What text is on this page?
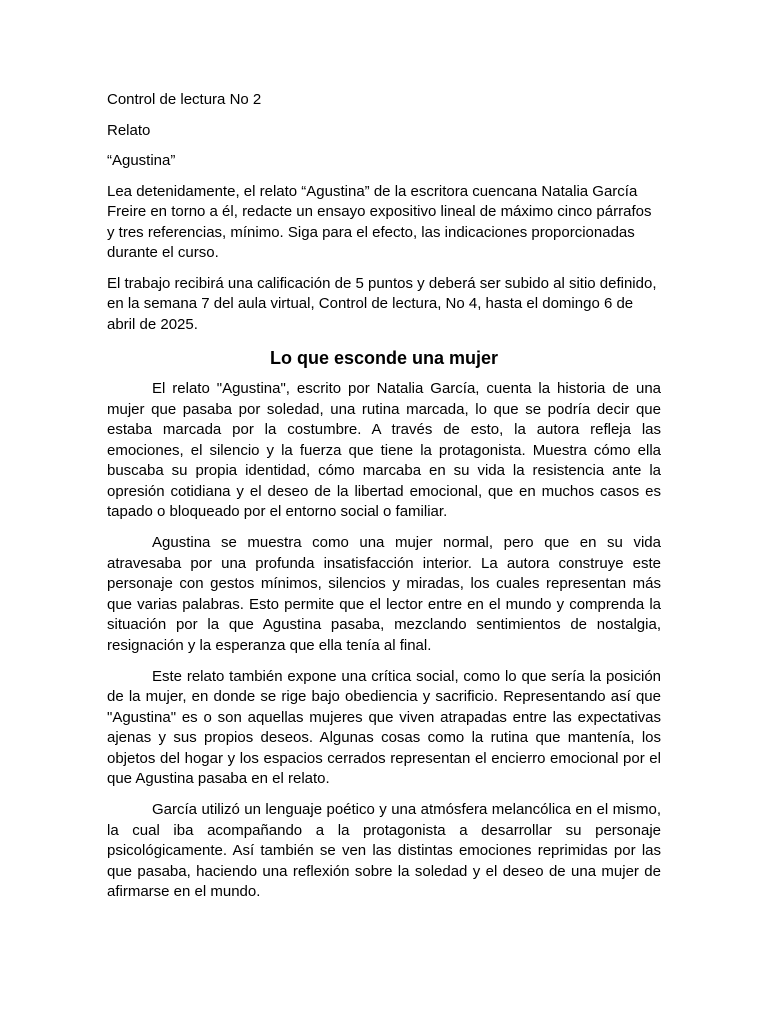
Control de lectura No 2
Relato
“Agustina”

Lea detenidamente, el relato “Agustina” de la escritora cuencana Natalia García Freire en torno a él, redacte un ensayo expositivo lineal de máximo cinco párrafos y tres referencias, mínimo. Siga para el efecto, las indicaciones proporcionadas durante el curso.

El trabajo recibirá una calificación de 5 puntos y deberá ser subido al sitio definido, en la semana 7 del aula virtual, Control de lectura, No 4, hasta el domingo 6 de abril de 2025.

Lo que esconde una mujer

El relato "Agustina", escrito por Natalia García, cuenta la historia de una mujer que pasaba por soledad, una rutina marcada, lo que se podría decir que estaba marcada por la costumbre. A través de esto, la autora refleja las emociones, el silencio y la fuerza que tiene la protagonista. Muestra cómo ella buscaba su propia identidad, cómo marcaba en su vida la resistencia ante la opresión cotidiana y el deseo de la libertad emocional, que en muchos casos es tapado o bloqueado por el entorno social o familiar.

Agustina se muestra como una mujer normal, pero que en su vida atravesaba por una profunda insatisfacción interior. La autora construye este personaje con gestos mínimos, silencios y miradas, los cuales representan más que varias palabras. Esto permite que el lector entre en el mundo y comprenda la situación por la que Agustina pasaba, mezclando sentimientos de nostalgia, resignación y la esperanza que ella tenía al final.

Este relato también expone una crítica social, como lo que sería la posición de la mujer, en donde se rige bajo obediencia y sacrificio. Representando así que "Agustina" es o son aquellas mujeres que viven atrapadas entre las expectativas ajenas y sus propios deseos. Algunas cosas como la rutina que mantenía, los objetos del hogar y los espacios cerrados representan el encierro emocional por el que Agustina pasaba en el relato.

García utilizó un lenguaje poético y una atmósfera melancólica en el mismo, la cual iba acompañando a la protagonista a desarrollar su personaje psicológicamente. Así también se ven las distintas emociones reprimidas por las que pasaba, haciendo una reflexión sobre la soledad y el deseo de una mujer de afirmarse en el mundo.
